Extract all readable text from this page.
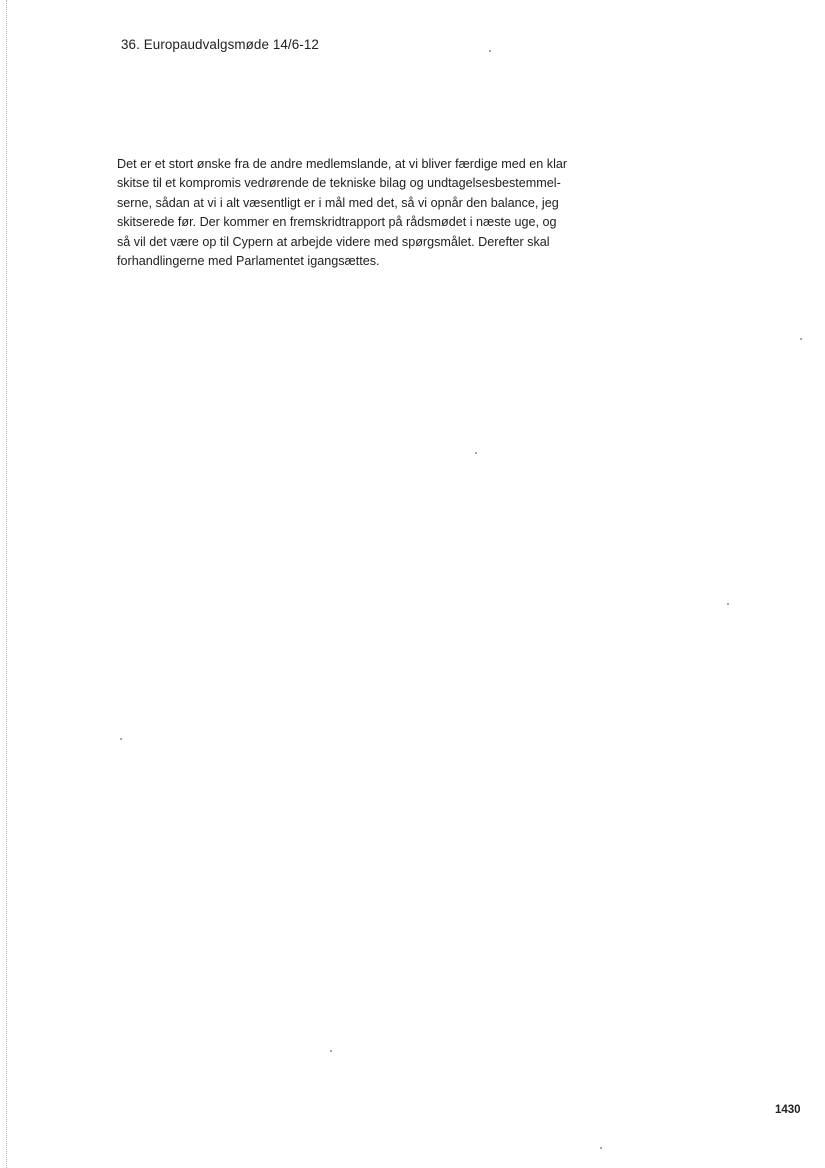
36. Europaudvalgsmøde 14/6-12
Det er et stort ønske fra de andre medlemslande, at vi bliver færdige med en klar
skitse til et kompromis vedrørende de tekniske bilag og undtagelsesbestemmel-
serne, sådan at vi i alt væsentligt er i mål med det, så vi opnår den balance, jeg
skitserede før. Der kommer en fremskridtrapport på rådsmødet i næste uge, og
så vil det være op til Cypern at arbejde videre med spørgsmålet. Derefter skal
forhandlingerne med Parlamentet igangsættes.
1430
